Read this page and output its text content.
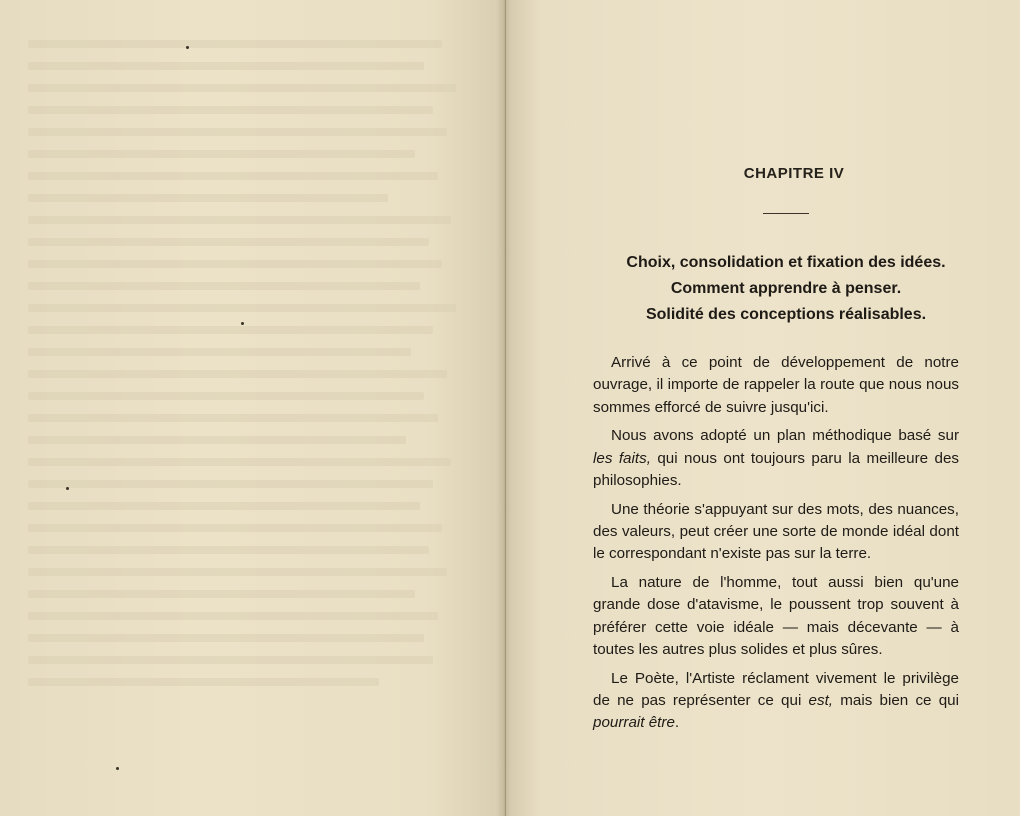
CHAPITRE IV
Choix, consolidation et fixation des idées.
Comment apprendre à penser.
Solidité des conceptions réalisables.

Arrivé à ce point de développement de notre ouvrage, il importe de rappeler la route que nous nous sommes efforcé de suivre jusqu'ici.

Nous avons adopté un plan méthodique basé sur les faits, qui nous ont toujours paru la meilleure des philosophies.

Une théorie s'appuyant sur des mots, des nuances, des valeurs, peut créer une sorte de monde idéal dont le correspondant n'existe pas sur la terre.

La nature de l'homme, tout aussi bien qu'une grande dose d'atavisme, le poussent trop souvent à préférer cette voie idéale — mais décevante — à toutes les autres plus solides et plus sûres.

Le Poète, l'Artiste réclament vivement le privilège de ne pas représenter ce qui est, mais bien ce qui pourrait être.
